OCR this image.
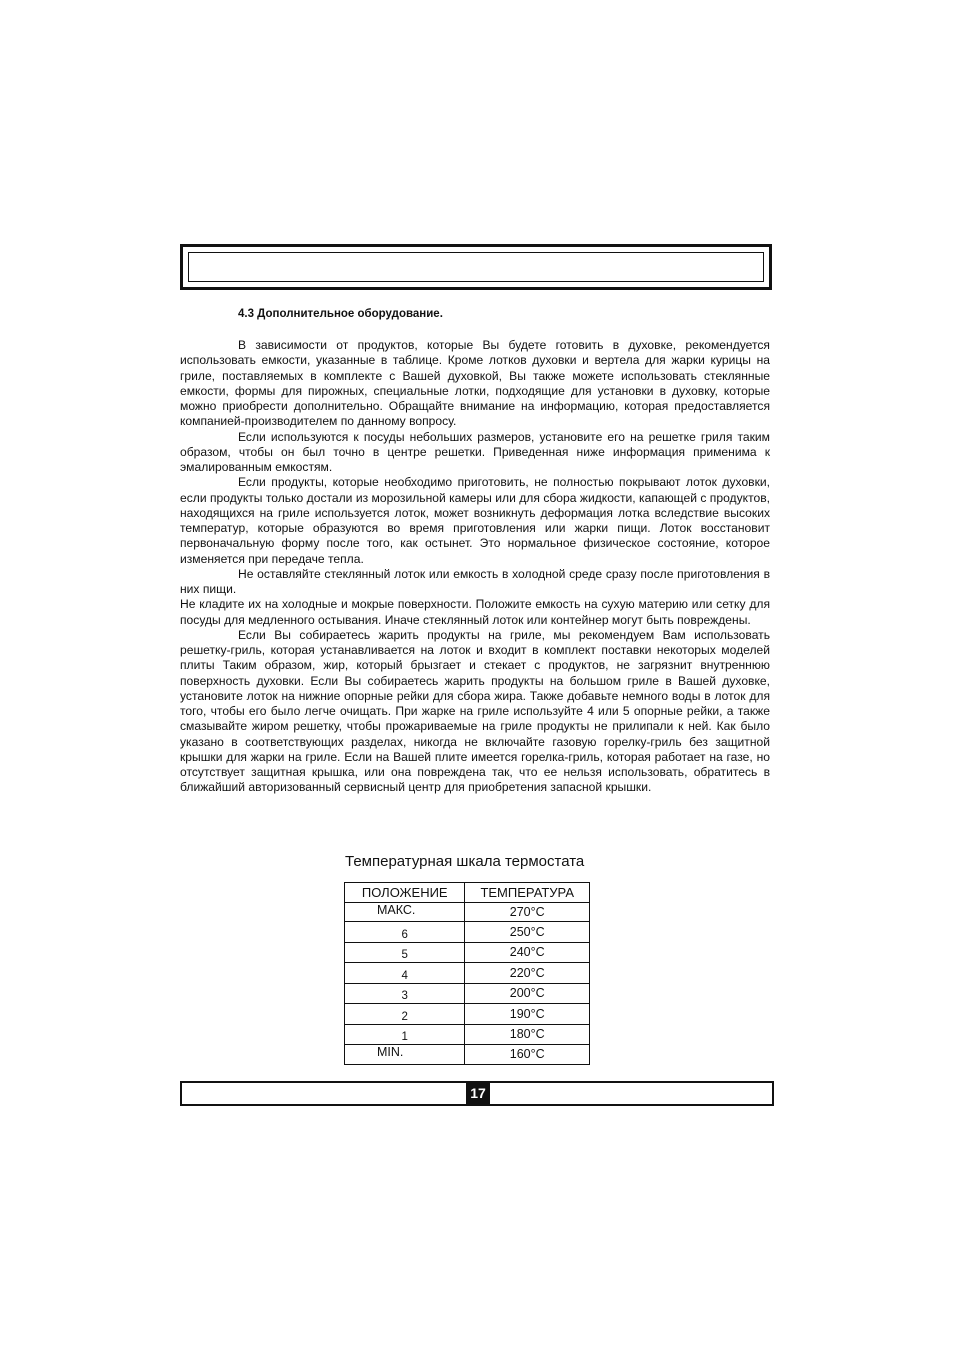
4.3 Дополнительное оборудование.

В зависимости от продуктов, которые Вы будете готовить в духовке, рекомендуется использовать емкости, указанные в таблице. Кроме лотков духовки и вертела для жарки курицы на гриле, поставляемых в комплекте с Вашей духовкой, Вы также можете использовать стеклянные емкости, формы для пирожных, специальные лотки, подходящие для установки в духовку, которые можно приобрести дополнительно. Обращайте внимание на информацию, которая предоставляется компанией-производителем по данному вопросу.

Если используются к посуды небольших размеров, установите его на решетке гриля таким образом, чтобы он был точно в центре решетки. Приведенная ниже информация применима к эмалированным емкостям.

Если продукты, которые необходимо приготовить, не полностью покрывают лоток духовки, если продукты только достали из морозильной камеры или для сбора жидкости, капающей с продуктов, находящихся на гриле используется лоток, может возникнуть деформация лотка вследствие высоких температур, которые образуются во время приготовления или жарки пищи. Лоток восстановит первоначальную форму после того, как остынет. Это нормальное физическое состояние, которое изменяется при передаче тепла.

Не оставляйте стеклянный лоток или емкость в холодной среде сразу после приготовления в них пищи.

Не кладите их на холодные и мокрые поверхности. Положите емкость на сухую материю или сетку для посуды для медленного остывания. Иначе стеклянный лоток или контейнер могут быть повреждены.

Если Вы собираетесь жарить продукты на гриле, мы рекомендуем Вам использовать решетку-гриль, которая устанавливается на лоток и входит в комплект поставки некоторых моделей плиты Таким образом, жир, который брызгает и стекает с продуктов, не загрязнит внутреннюю поверхность духовки. Если Вы собираетесь жарить продукты на большом гриле в Вашей духовке, установите лоток на нижние опорные рейки для сбора жира. Также добавьте немного воды в лоток для того, чтобы его было легче очищать. При жарке на гриле используйте 4 или 5 опорные рейки, а также смазывайте жиром решетку, чтобы прожариваемые на гриле продукты не прилипали к ней. Как было указано в соответствующих разделах, никогда не включайте газовую горелку-гриль без защитной крышки для жарки на гриле. Если на Вашей плите имеется горелка-гриль, которая работает на газе, но отсутствует защитная крышка, или она повреждена так, что ее нельзя использовать, обратитесь в ближайший авторизованный сервисный центр для приобретения запасной крышки.

Температурная шкала термостата
ПОЛОЖЕНИЕ	ТЕМПЕРАТУРА
МАКС.	270°C
6	250°C
5	240°C
4	220°C
3	200°C
2	190°C
1	180°C
MIN.	160°C
17
